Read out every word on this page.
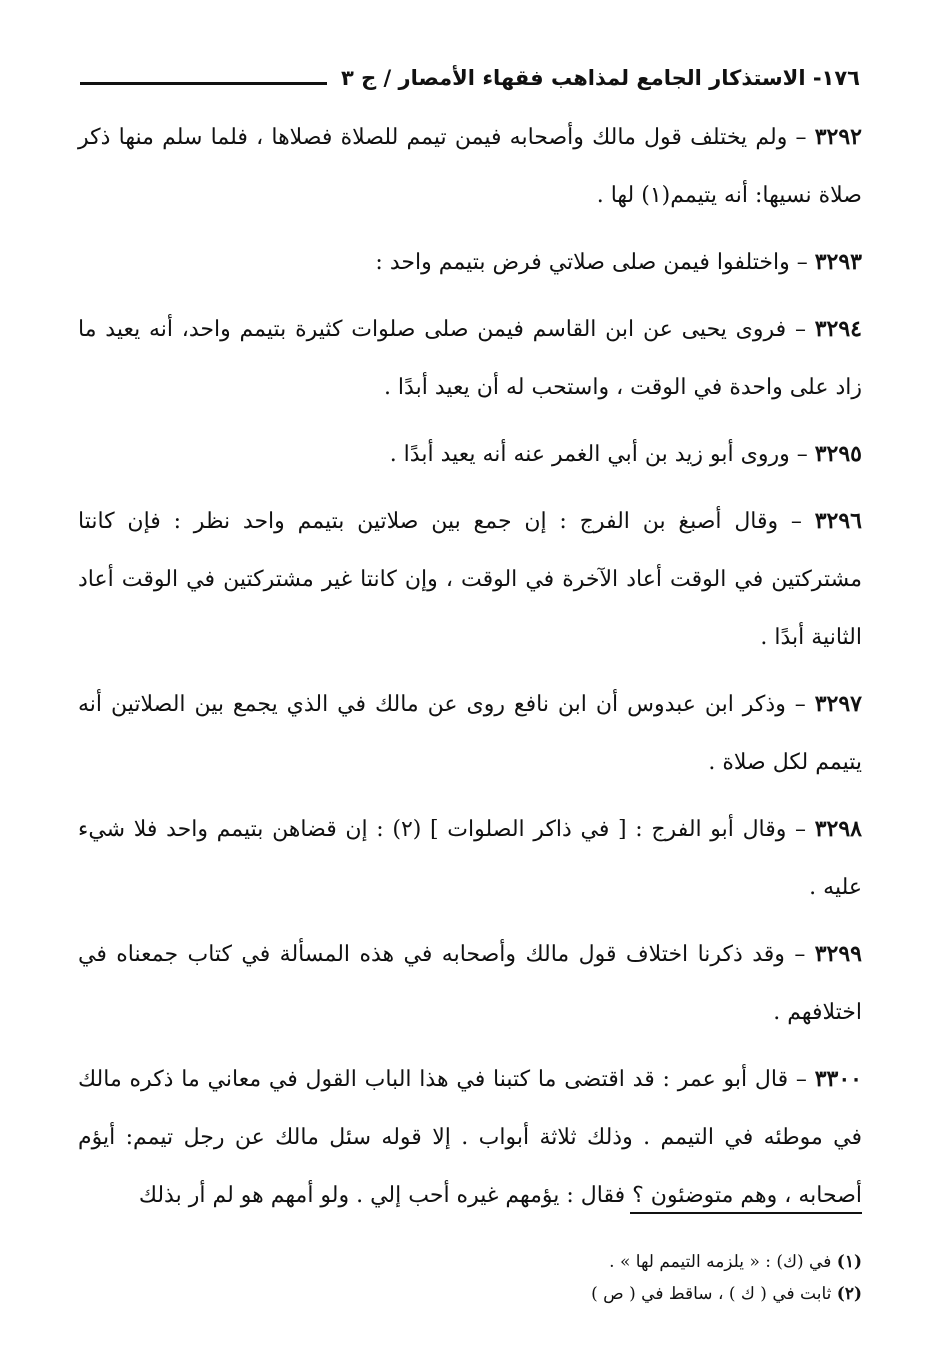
١٧٦- الاستذكار الجامع لمذاهب فقهاء الأمصار / ج ٣

٣٢٩٢ – ولم يختلف قول مالك وأصحابه فيمن تيمم للصلاة فصلاها ، فلما سلم منها ذكر صلاة نسيها: أنه يتيمم(١) لها .

٣٢٩٣ – واختلفوا فيمن صلى صلاتي فرض بتيمم واحد :

٣٢٩٤ – فروى يحيى عن ابن القاسم فيمن صلى صلوات كثيرة بتيمم واحد، أنه يعيد ما زاد على واحدة في الوقت ، واستحب له أن يعيد أبدًا .

٣٢٩٥ – وروى أبو زيد بن أبي الغمر عنه أنه يعيد أبدًا .

٣٢٩٦ – وقال أصبغ بن الفرج : إن جمع بين صلاتين بتيمم واحد نظر : فإن كانتا مشتركتين في الوقت أعاد الآخرة في الوقت ، وإن كانتا غير مشتركتين في الوقت أعاد الثانية أبدًا .

٣٢٩٧ – وذكر ابن عبدوس أن ابن نافع روى عن مالك في الذي يجمع بين الصلاتين أنه يتيمم لكل صلاة .

٣٢٩٨ – وقال أبو الفرج : [ في ذاكر الصلوات ] (٢) : إن قضاهن بتيمم واحد فلا شيء عليه .

٣٢٩٩ – وقد ذكرنا اختلاف قول مالك وأصحابه في هذه المسألة في كتاب جمعناه في اختلافهم .

٣٣٠٠ – قال أبو عمر : قد اقتضى ما كتبنا في هذا الباب القول في معاني ما ذكره مالك في موطئه في التيمم . وذلك ثلاثة أبواب . إلا قوله سئل مالك عن رجل تيمم: أيؤم أصحابه ، وهم متوضئون ؟ فقال : يؤمهم غيره أحب إلي . ولو أمهم هو لم أر بذلك

(١) في (ك) : « يلزمه التيمم لها » .

(٢) ثابت في ( ك ) ، ساقط في ( ص )
